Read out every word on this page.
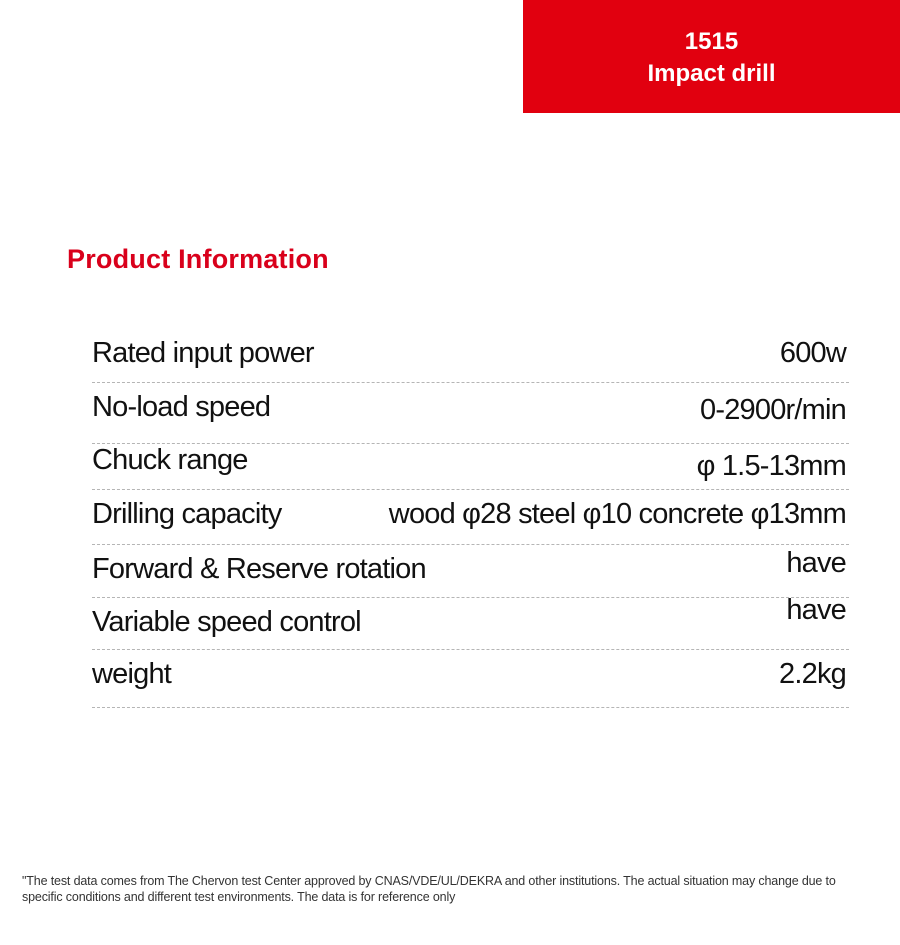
1515
Impact drill
Product Information
Rated input power	600w
No-load speed	0-2900r/min
Chuck range	φ 1.5-13mm
Drilling capacity	wood φ28 steel φ10 concrete φ13mm
Forward & Reserve rotation	have
Variable speed control	have
weight	2.2kg
"The test data comes from The Chervon test Center approved by CNAS/VDE/UL/DEKRA and other institutions. The actual situation may change due to
specific conditions and different test environments. The data is for reference only
